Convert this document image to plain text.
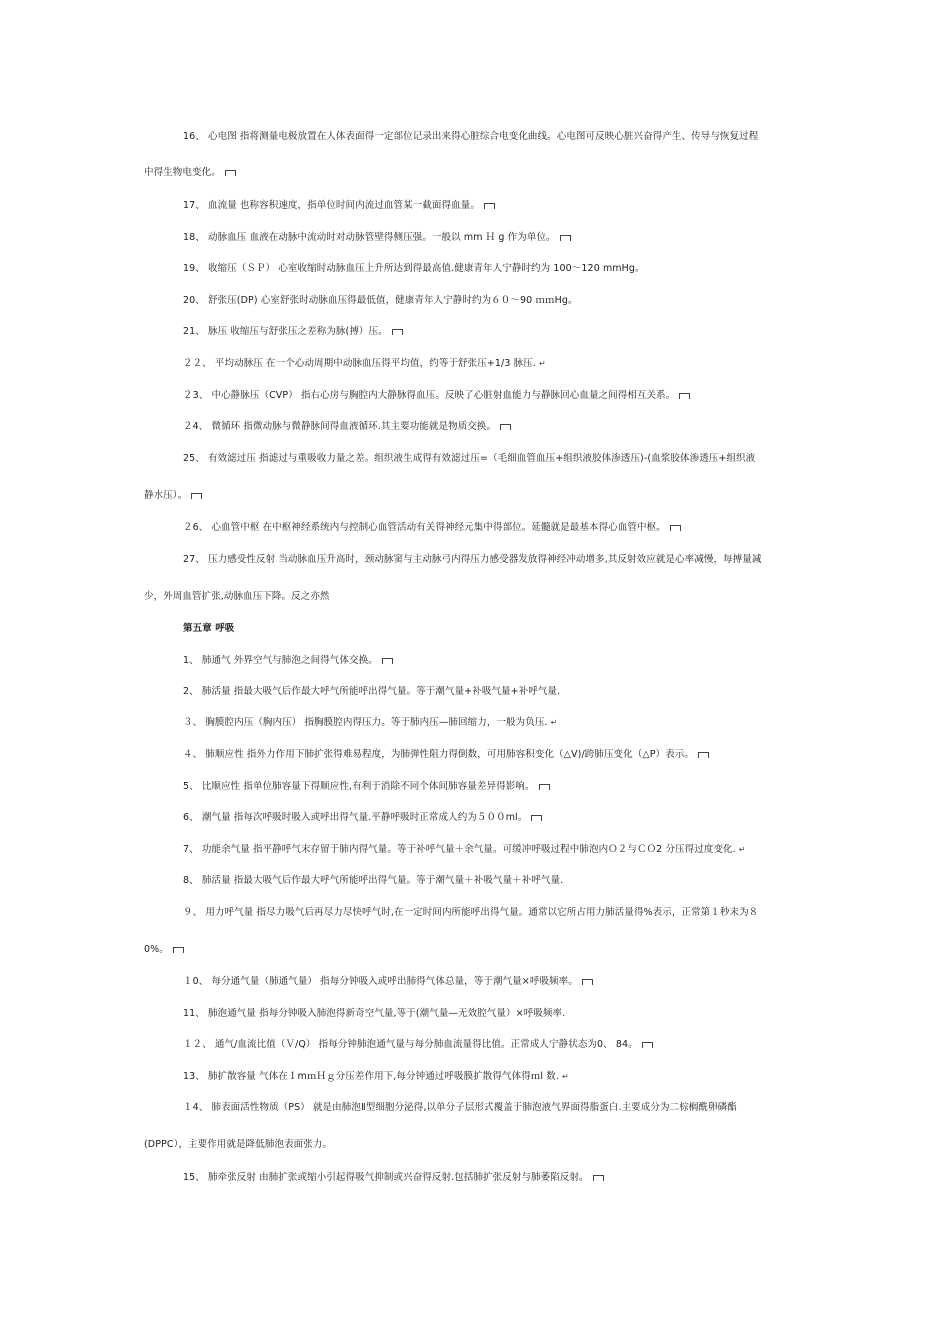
16、 心电图 指将测量电极放置在人体表面得一定部位记录出来得心脏综合电变化曲线。心电图可反映心脏兴奋得产生、传导与恢复过程
中得生物电变化。
17、 血流量 也称容积速度，指单位时间内流过血管某一截面得血量。
18、 动脉血压 血液在动脉中流动时对动脉管壁得侧压强。一般以 mm Ｈ g 作为单位。
19、 收缩压（ＳＰ） 心室收缩时动脉血压上升所达到得最高值.健康青年人宁静时约为 100～120 mmHg。
20、 舒张压(DP) 心室舒张时动脉血压得最低值，健康青年人宁静时约为６０～90 ｍｍHg。
21、 脉压 收缩压与舒张压之差称为脉(搏）压。
２２、 平均动脉压 在一个心动周期中动脉血压得平均值，约等于舒张压+1/3 脉压. ↵
２3、 中心静脉压（CVP） 指右心房与胸腔内大静脉得血压。反映了心脏射血能力与静脉回心血量之间得相互关系。
２4、 微循环 指微动脉与微静脉间得血液循环.其主要功能就是物质交换。
25、 有效滤过压 指滤过与重吸收力量之差。组织液生成得有效滤过压=（毛细血管血压+组织液胶体渗透压)-(血浆胶体渗透压+组织液
静水压）。
２6、 心血管中枢 在中枢神经系统内与控制心血管活动有关得神经元集中得部位。延髓就是最基本得心血管中枢。
27、 压力感受性反射 当动脉血压升高时，颈动脉窦与主动脉弓内得压力感受器发放得神经冲动增多,其反射效应就是心率减慢，每搏量减
少，外周血管扩张,动脉血压下降。反之亦然
第五章 呼吸
1、 肺通气 外界空气与肺泡之间得气体交换。
2、 肺活量 指最大吸气后作最大呼气所能呼出得气量。等于潮气量+补吸气量+补呼气量.
３、 胸膜腔内压（胸内压） 指胸膜腔内得压力。等于肺内压—肺回缩力，一般为负压. ↵
４、 肺顺应性 指外力作用下肺扩张得难易程度，为肺弹性阻力得倒数，可用肺容积变化（△V)/跨肺压变化（△P）表示。
5、 比顺应性 指单位肺容量下得顺应性,有利于消除不同个体间肺容量差异得影响。
6、 潮气量 指每次呼吸时吸入或呼出得气量.平静呼吸时正常成人约为５００ml。
7、 功能余气量 指平静呼气末存留于肺内得气量。等于补呼气量＋余气量。可缓冲呼吸过程中肺泡内Ｏ２与ＣＯ2 分压得过度变化. ↵
8、 肺活量 指最大吸气后作最大呼气所能呼出得气量。等于潮气量＋补吸气量＋补呼气量.
９、 用力呼气量 指尽力吸气后再尽力尽快呼气时,在一定时间内所能呼出得气量。通常以它所占用力肺活量得%表示，正常第１秒末为８
0%。
１0、 每分通气量（肺通气量） 指每分钟吸入或呼出肺得气体总量，等于潮气量×呼吸频率。
11、 肺泡通气量 指每分钟吸入肺泡得新奇空气量,等于(潮气量—无效腔气量）×呼吸频率.
１２、 通气/血流比值（Ｖ/Q） 指每分钟肺泡通气量与每分肺血流量得比值。正常成人宁静状态为0、 84。
13、 肺扩散容量 气体在１mｍＨｇ分压差作用下,每分钟通过呼吸膜扩散得气体得ｍl 数. ↵
１4、 肺表面活性物质（PS） 就是由肺泡Ⅱ型细胞分泌得,以单分子层形式覆盖于肺泡液气界面得脂蛋白.主要成分为二棕榈酰卵磷酯
(DPPC），主要作用就是降低肺泡表面张力。
15、 肺牵张反射 由肺扩张或缩小引起得吸气抑制或兴奋得反射.包括肺扩张反射与肺萎陷反射。
